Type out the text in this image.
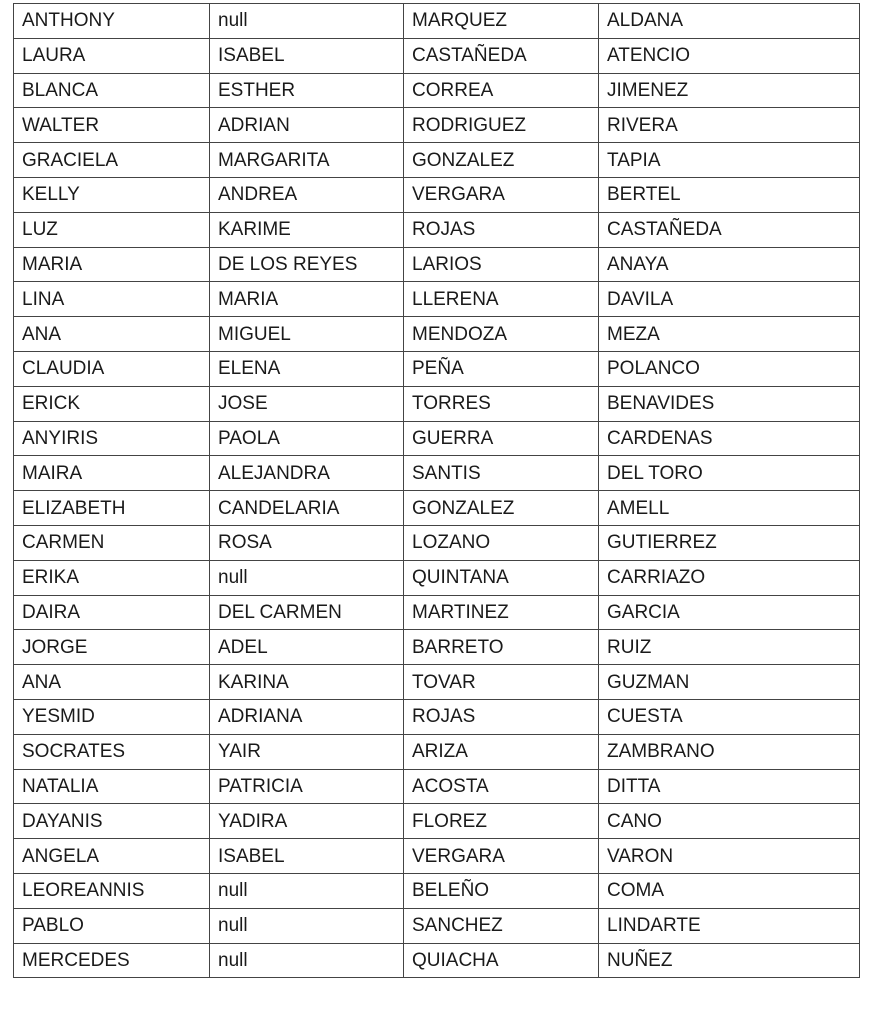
ANTHONY	null	MARQUEZ	ALDANA
LAURA	ISABEL	CASTAÑEDA	ATENCIO
BLANCA	ESTHER	CORREA	JIMENEZ
WALTER	ADRIAN	RODRIGUEZ	RIVERA
GRACIELA	MARGARITA	GONZALEZ	TAPIA
KELLY	ANDREA	VERGARA	BERTEL
LUZ	KARIME	ROJAS	CASTAÑEDA
MARIA	DE LOS REYES	LARIOS	ANAYA
LINA	MARIA	LLERENA	DAVILA
ANA	MIGUEL	MENDOZA	MEZA
CLAUDIA	ELENA	PEÑA	POLANCO
ERICK	JOSE	TORRES	BENAVIDES
ANYIRIS	PAOLA	GUERRA	CARDENAS
MAIRA	ALEJANDRA	SANTIS	DEL TORO
ELIZABETH	CANDELARIA	GONZALEZ	AMELL
CARMEN	ROSA	LOZANO	GUTIERREZ
ERIKA	null	QUINTANA	CARRIAZO
DAIRA	DEL CARMEN	MARTINEZ	GARCIA
JORGE	ADEL	BARRETO	RUIZ
ANA	KARINA	TOVAR	GUZMAN
YESMID	ADRIANA	ROJAS	CUESTA
SOCRATES	YAIR	ARIZA	ZAMBRANO
NATALIA	PATRICIA	ACOSTA	DITTA
DAYANIS	YADIRA	FLOREZ	CANO
ANGELA	ISABEL	VERGARA	VARON
LEOREANNIS	null	BELEÑO	COMA
PABLO	null	SANCHEZ	LINDARTE
MERCEDES	null	QUIACHA	NUÑEZ
